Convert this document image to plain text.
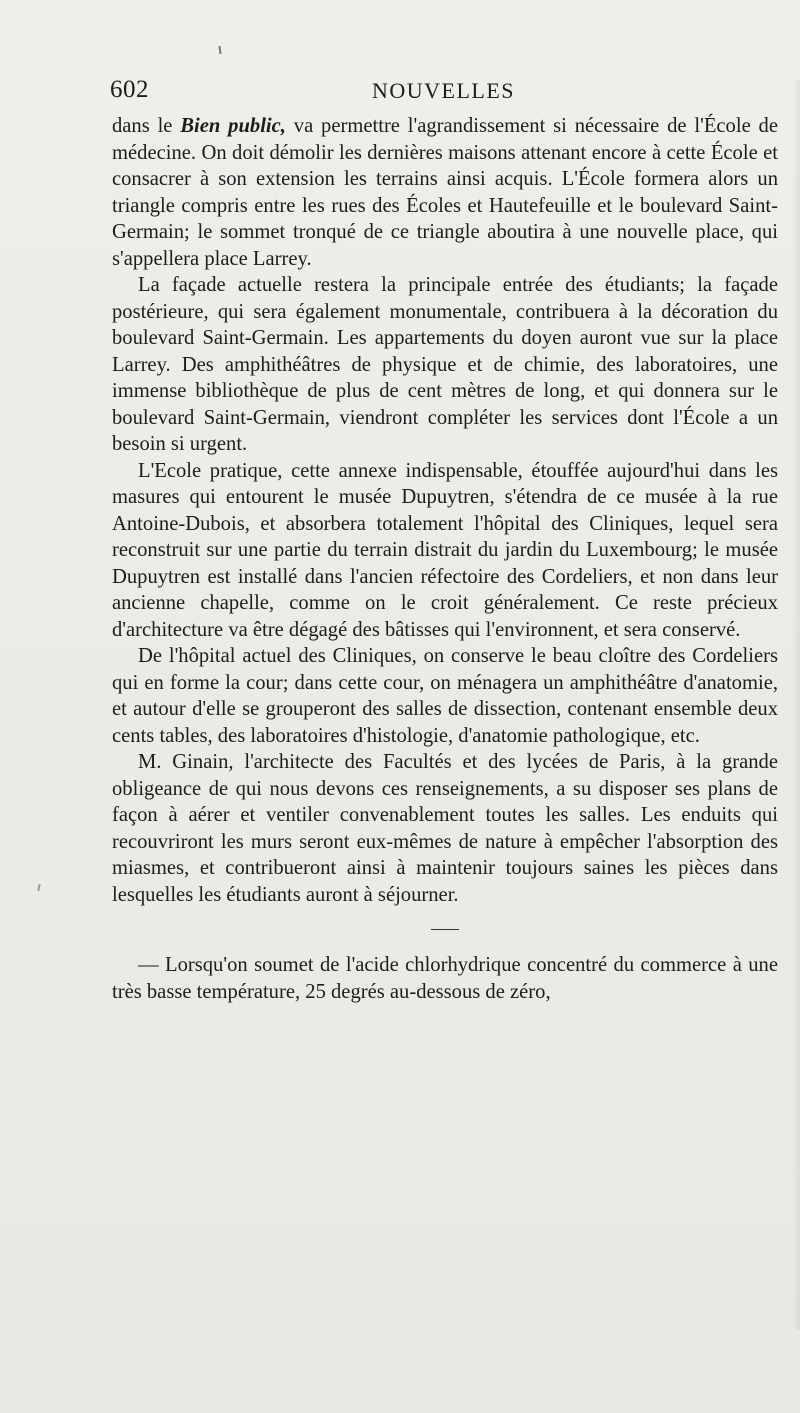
602	NOUVELLES

dans le Bien public, va permettre l'agrandissement si nécessaire de l'École de médecine. On doit démolir les dernières maisons attenant encore à cette École et consacrer à son extension les terrains ainsi acquis. L'École formera alors un triangle compris entre les rues des Écoles et Hautefeuille et le boulevard Saint-Germain; le sommet tronqué de ce triangle aboutira à une nouvelle place, qui s'appellera place Larrey.

La façade actuelle restera la principale entrée des étudiants; la façade postérieure, qui sera également monumentale, contribuera à la décoration du boulevard Saint-Germain. Les appartements du doyen auront vue sur la place Larrey. Des amphithéâtres de physique et de chimie, des laboratoires, une immense bibliothèque de plus de cent mètres de long, et qui donnera sur le boulevard Saint-Germain, viendront compléter les services dont l'École a un besoin si urgent.

L'Ecole pratique, cette annexe indispensable, étouffée aujourd'hui dans les masures qui entourent le musée Dupuytren, s'étendra de ce musée à la rue Antoine-Dubois, et absorbera totalement l'hôpital des Cliniques, lequel sera reconstruit sur une partie du terrain distrait du jardin du Luxembourg; le musée Dupuytren est installé dans l'ancien réfectoire des Cordeliers, et non dans leur ancienne chapelle, comme on le croit généralement. Ce reste précieux d'architecture va être dégagé des bâtisses qui l'environnent, et sera conservé.

De l'hôpital actuel des Cliniques, on conserve le beau cloître des Cordeliers qui en forme la cour; dans cette cour, on ménagera un amphithéâtre d'anatomie, et autour d'elle se grouperont des salles de dissection, contenant ensemble deux cents tables, des laboratoires d'histologie, d'anatomie pathologique, etc.

M. Ginain, l'architecte des Facultés et des lycées de Paris, à la grande obligeance de qui nous devons ces renseignements, a su disposer ses plans de façon à aérer et ventiler convenablement toutes les salles. Les enduits qui recouvriront les murs seront eux-mêmes de nature à empêcher l'absorption des miasmes, et contribueront ainsi à maintenir toujours saines les pièces dans lesquelles les étudiants auront à séjourner.

— Lorsqu'on soumet de l'acide chlorhydrique concentré du commerce à une très basse température, 25 degrés au-dessous de zéro,
